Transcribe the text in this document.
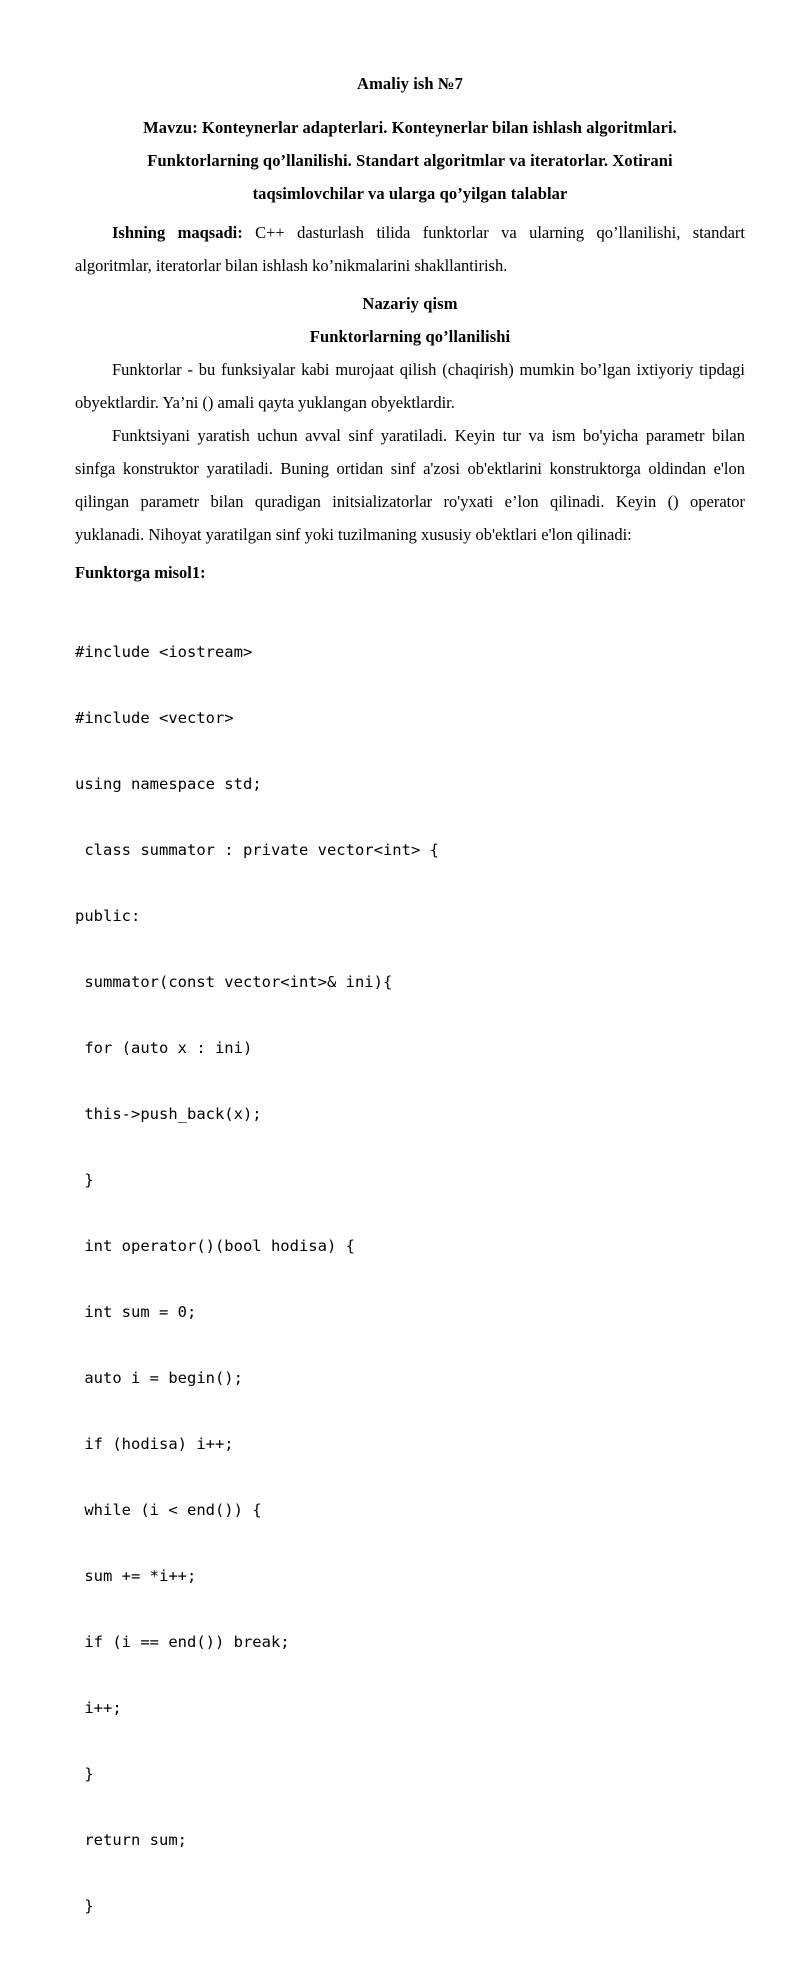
Amaliy ish №7
Mavzu: Konteynerlar adapterlari. Konteynerlar bilan ishlash algoritmlari.
Funktorlarning qo’llanilishi. Standart algoritmlar va iteratorlar. Xotirani
taqsimlovchilar va ularga qo’yilgan talablar

Ishning maqsadi: C++ dasturlash tilida funktorlar va ularning qo’llanilishi, standart algoritmlar, iteratorlar bilan ishlash ko’nikmalarini shakllantirish.

Nazariy qism
Funktorlarning qo’llanilishi

Funktorlar - bu funksiyalar kabi murojaat qilish (chaqirish) mumkin bo’lgan ixtiyoriy tipdagi obyektlardir. Ya’ni () amali qayta yuklangan obyektlardir.

Funktsiyani yaratish uchun avval sinf yaratiladi. Keyin tur va ism bo'yicha parametr bilan sinfga konstruktor yaratiladi. Buning ortidan sinf a'zosi ob'ektlarini konstruktorga oldindan e'lon qilingan parametr bilan quradigan initsializatorlar ro'yxati e’lon qilinadi. Keyin () operator yuklanadi. Nihoyat yaratilgan sinf yoki tuzilmaning xususiy ob'ektlari e'lon qilinadi:

Funktorga misol1:

#include <iostream>

#include <vector>

using namespace std;

class summator : private vector<int> {

public:

summator(const vector<int>& ini){

for (auto x : ini)

this->push_back(x);

}

int operator()(bool hodisa) {

int sum = 0;

auto i = begin();

if (hodisa) i++;

while (i < end()) {

sum += *i++;

if (i == end()) break;

i++;

}

return sum;

}
